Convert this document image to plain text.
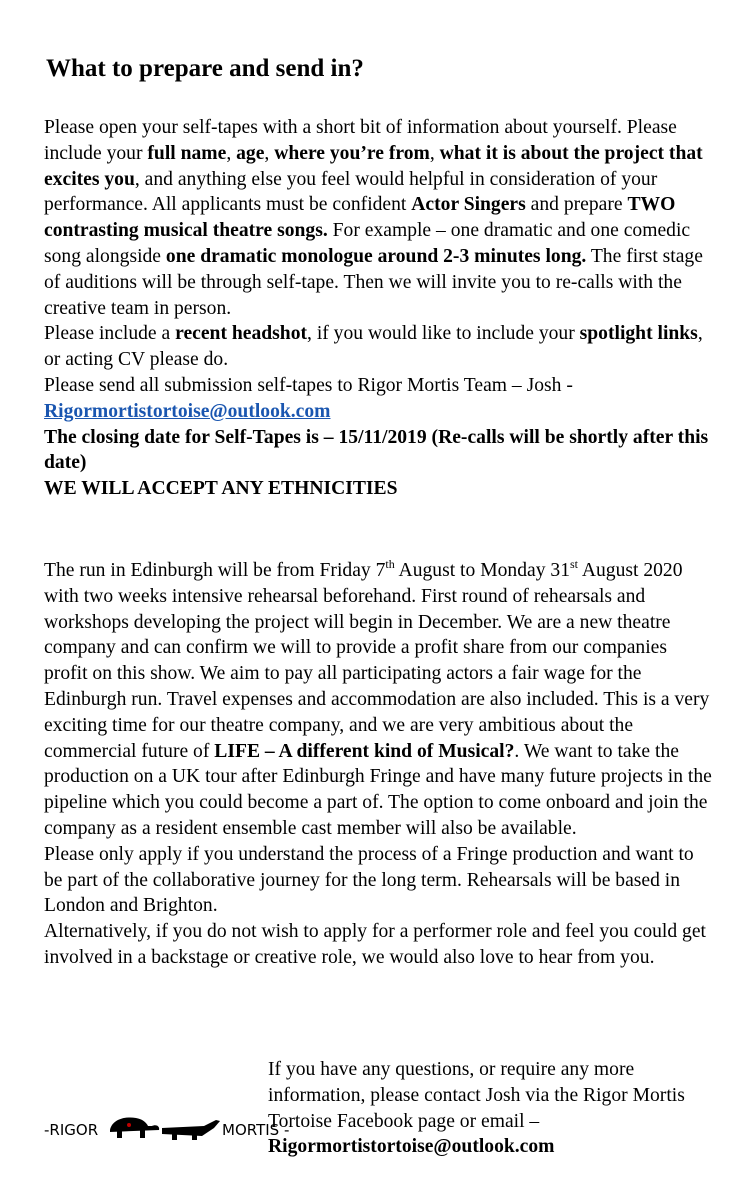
What to prepare and send in?

Please open your self-tapes with a short bit of information about yourself. Please include your full name, age, where you’re from, what it is about the project that excites you, and anything else you feel would helpful in consideration of your performance. All applicants must be confident Actor Singers and prepare TWO contrasting musical theatre songs. For example – one dramatic and one comedic song alongside one dramatic monologue around 2-3 minutes long. The first stage of auditions will be through self-tape. Then we will invite you to re-calls with the creative team in person.

Please include a recent headshot, if you would like to include your spotlight links, or acting CV please do.

Please send all submission self-tapes to Rigor Mortis Team – Josh - Rigormortistortoise@outlook.com

The closing date for Self-Tapes is – 15/11/2019 (Re-calls will be shortly after this date)

WE WILL ACCEPT ANY ETHNICITIES

The run in Edinburgh will be from Friday 7th August to Monday 31st August 2020 with two weeks intensive rehearsal beforehand. First round of rehearsals and workshops developing the project will begin in December. We are a new theatre company and can confirm we will to provide a profit share from our companies profit on this show. We aim to pay all participating actors a fair wage for the Edinburgh run. Travel expenses and accommodation are also included. This is a very exciting time for our theatre company, and we are very ambitious about the commercial future of LIFE – A different kind of Musical?. We want to take the production on a UK tour after Edinburgh Fringe and have many future projects in the pipeline which you could become a part of. The option to come onboard and join the company as a resident ensemble cast member will also be available.

Please only apply if you understand the process of a Fringe production and want to be part of the collaborative journey for the long term. Rehearsals will be based in London and Brighton.

Alternatively, if you do not wish to apply for a performer role and feel you could get involved in a backstage or creative role, we would also love to hear from you.

If you have any questions, or require any more information, please contact Josh via the Rigor Mortis Tortoise Facebook page or email –
Rigormortistortoise@outlook.com

-RIGOR	MORTIS -
